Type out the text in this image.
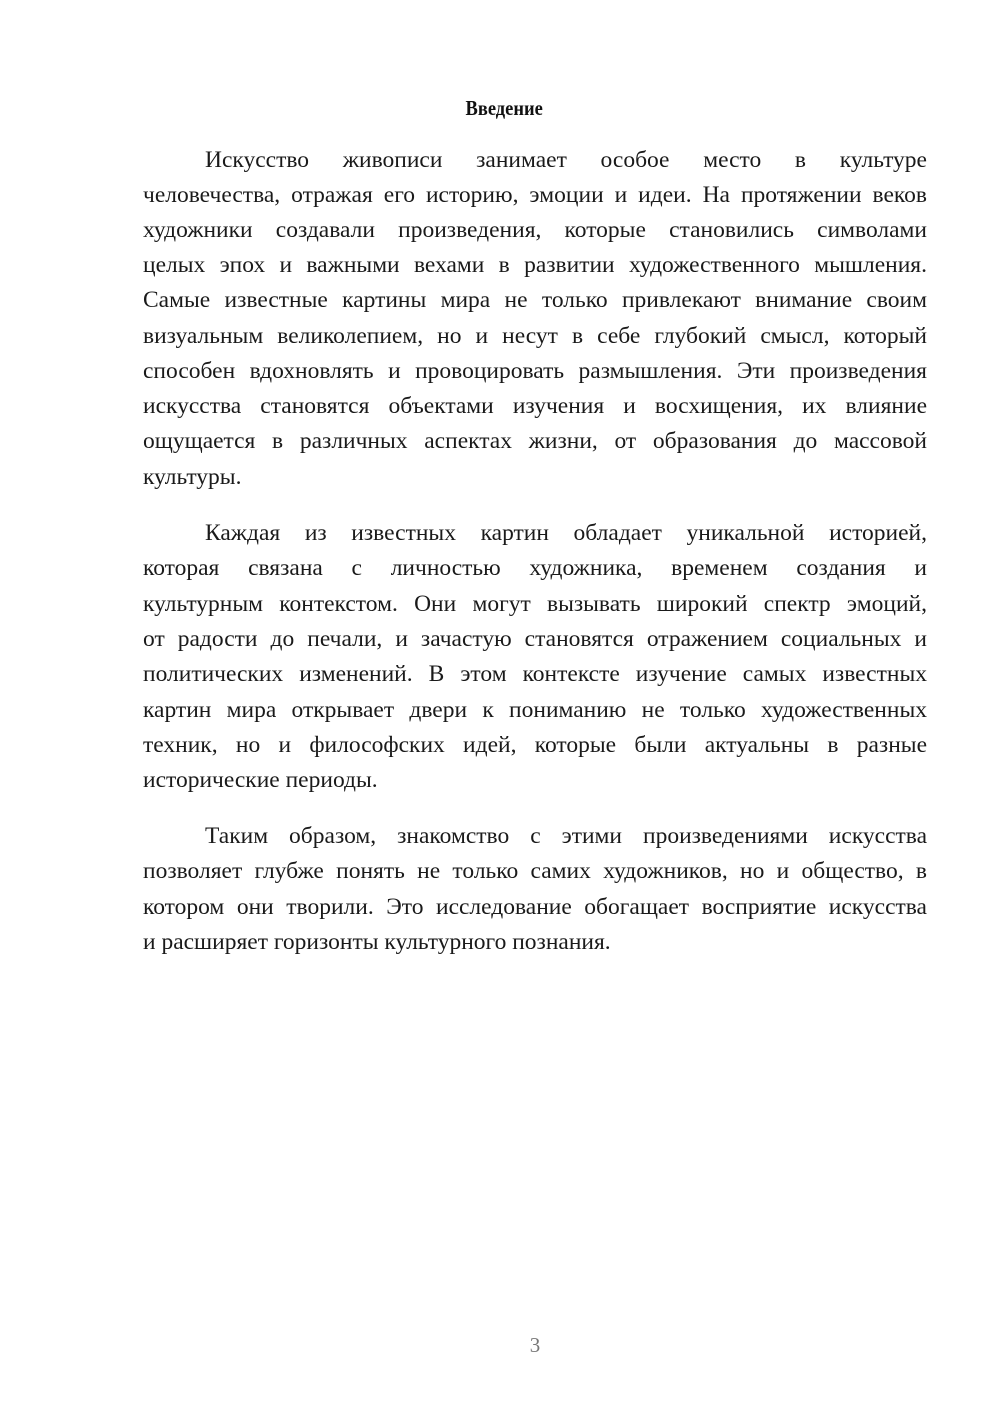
Введение
Искусство живописи занимает особое место в культуре
человечества, отражая его историю, эмоции и идеи. На протяжении веков
художники создавали произведения, которые становились символами
целых эпох и важными вехами в развитии художественного мышления.
Самые известные картины мира не только привлекают внимание своим
визуальным великолепием, но и несут в себе глубокий смысл, который
способен вдохновлять и провоцировать размышления. Эти произведения
искусства становятся объектами изучения и восхищения, их влияние
ощущается в различных аспектах жизни, от образования до массовой
культуры.
Каждая из известных картин обладает уникальной историей,
которая связана с личностью художника, временем создания и
культурным контекстом. Они могут вызывать широкий спектр эмоций,
от радости до печали, и зачастую становятся отражением социальных и
политических изменений. В этом контексте изучение самых известных
картин мира открывает двери к пониманию не только художественных
техник, но и философских идей, которые были актуальны в разные
исторические периоды.
Таким образом, знакомство с этими произведениями искусства
позволяет глубже понять не только самих художников, но и общество, в
котором они творили. Это исследование обогащает восприятие искусства
и расширяет горизонты культурного познания.
3
